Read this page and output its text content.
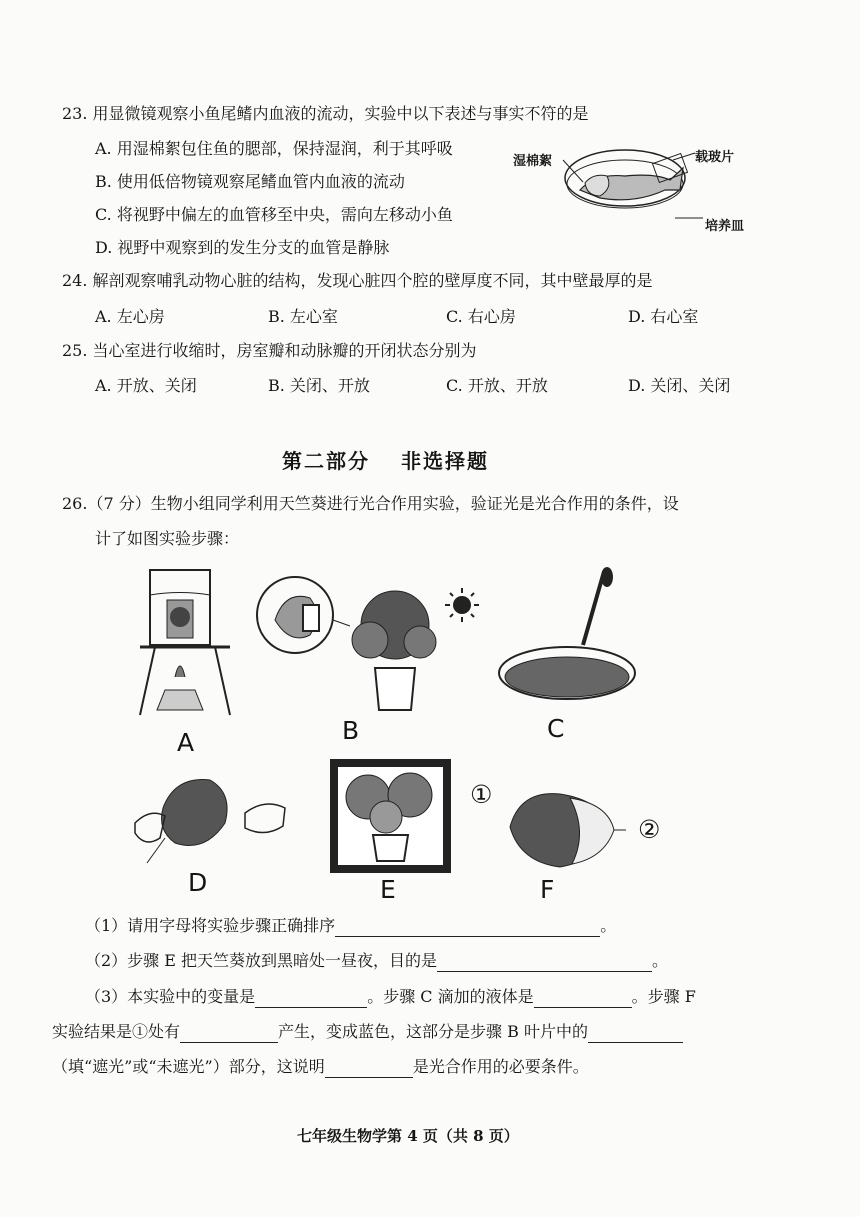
23. 用显微镜观察小鱼尾鳍内血液的流动，实验中以下表述与事实不符的是
A. 用湿棉絮包住鱼的腮部，保持湿润，利于其呼吸
B. 使用低倍物镜观察尾鳍血管内血液的流动
C. 将视野中偏左的血管移至中央，需向左移动小鱼
D. 视野中观察到的发生分支的血管是静脉
湿棉絮	载玻片
培养皿
24. 解剖观察哺乳动物心脏的结构，发现心脏四个腔的壁厚度不同，其中壁最厚的是
A. 左心房	B. 左心室	C. 右心房	D. 右心室
25. 当心室进行收缩时，房室瓣和动脉瓣的开闭状态分别为
A. 开放、关闭	B. 关闭、开放	C. 开放、开放	D. 关闭、关闭
第二部分　 非选择题
26.（7 分）生物小组同学利用天竺葵进行光合作用实验，验证光是光合作用的条件，设
计了如图实验步骤：
A	B	C
①
②
D	E	F
（1）请用字母将实验步骤正确排序	。
（2）步骤 E 把天竺葵放到黑暗处一昼夜，目的是	。
（3）本实验中的变量是	。步骤 C 滴加的液体是	。步骤 F
实验结果是①处有	产生，变成蓝色，这部分是步骤 B 叶片中的
（填“遮光”或“未遮光”）部分，这说明	是光合作用的必要条件。
七年级生物学第 4 页（共 8 页）
